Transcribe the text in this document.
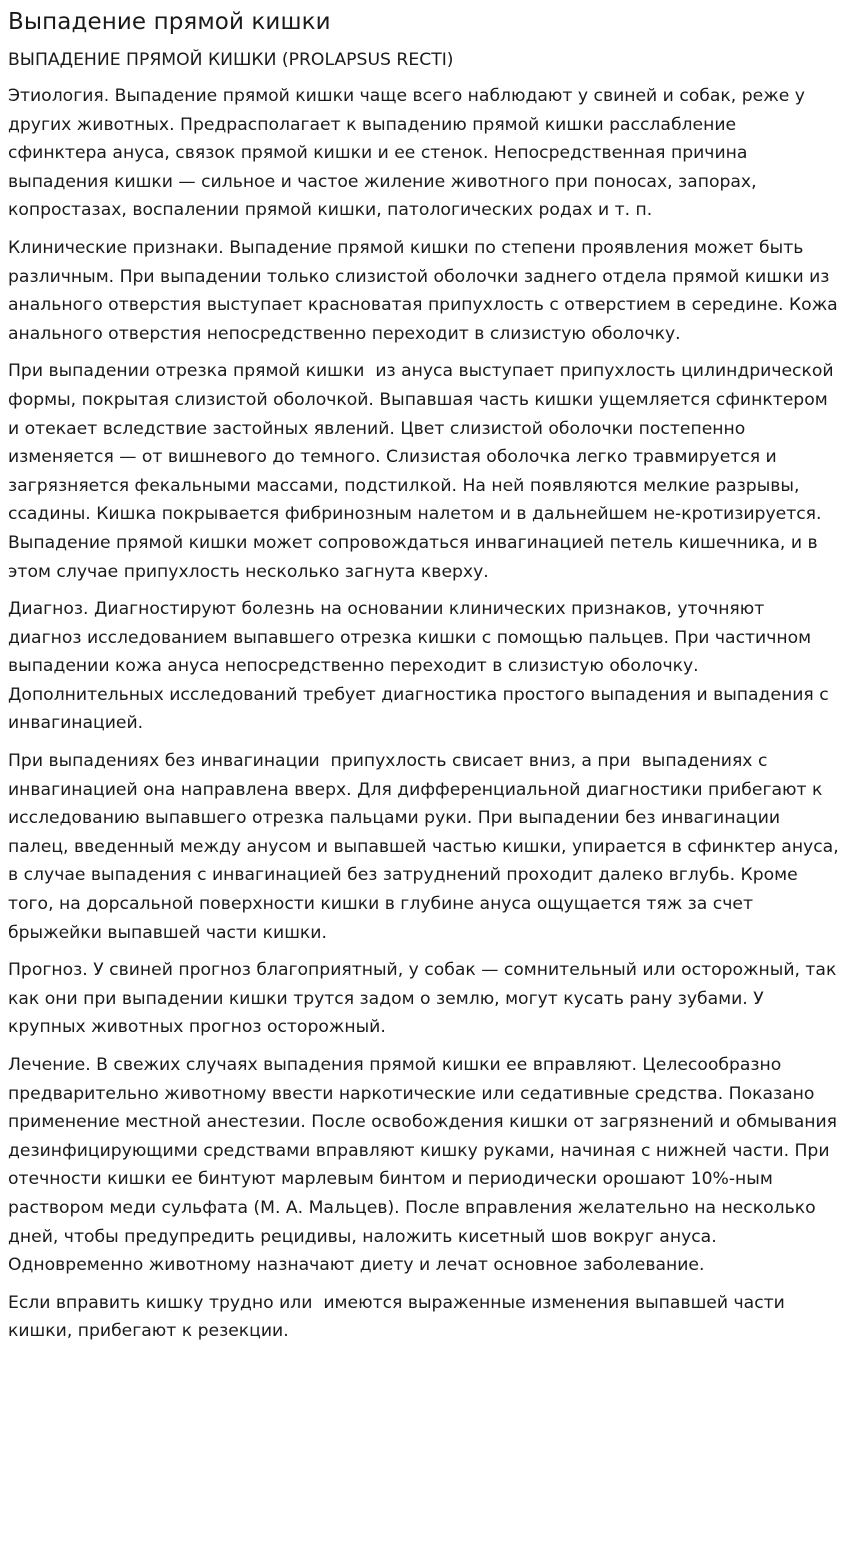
Выпадение прямой кишки
ВЫПАДЕНИЕ ПРЯМОЙ КИШКИ (PROLAPSUS RECTI)

Этиология. Выпадение прямой кишки чаще всего наблюдают у свиней и собак, реже у других животных. Предрасполагает к выпадению прямой кишки расслабление сфинктера ануса, связок прямой кишки и ее стенок. Непосредственная причина выпадения кишки — сильное и частое жиление животного при поносах, запорах, копростазах, воспалении прямой кишки, патологических родах и т. п.

Клинические признаки. Выпадение прямой кишки по степени проявления может быть различным. При выпадении только слизистой оболочки заднего отдела прямой кишки из анального отверстия выступает красноватая припухлость с отверстием в середине. Кожа анального отверстия непосредственно переходит в слизистую оболочку.

При выпадении отрезка прямой кишки  из ануса выступает припухлость цилиндрической формы, покрытая слизистой оболочкой. Выпавшая часть кишки ущемляется сфинктером и отекает вследствие застойных явлений. Цвет слизистой оболочки постепенно изменяется — от вишневого до темного. Слизистая оболочка легко травмируется и загрязняется фекальными массами, подстилкой. На ней появляются мелкие разрывы, ссадины. Кишка покрывается фибринозным налетом и в дальнейшем не-кротизируется. Выпадение прямой кишки может сопровождаться инвагинацией петель кишечника, и в этом случае припухлость несколько загнута кверху.

Диагноз. Диагностируют болезнь на основании клинических признаков, уточняют диагноз исследованием выпавшего отрезка кишки с помощью пальцев. При частичном выпадении кожа ануса непосредственно переходит в слизистую оболочку. Дополнительных исследований требует диагностика простого выпадения и выпадения с инвагинацией.

При выпадениях без инвагинации  припухлость свисает вниз, а при  выпадениях с инвагинацией она направлена вверх. Для дифференциальной диагностики прибегают к исследованию выпавшего отрезка пальцами руки. При выпадении без инвагинации палец, введенный между анусом и выпавшей частью кишки, упирается в сфинктер ануса, в случае выпадения с инвагинацией без затруднений проходит далеко вглубь. Кроме того, на дорсальной поверхности кишки в глубине ануса ощущается тяж за счет брыжейки выпавшей части кишки.

Прогноз. У свиней прогноз благоприятный, у собак — сомнительный или осторожный, так как они при выпадении кишки трутся задом о землю, могут кусать рану зубами. У крупных животных прогноз осторожный.

Лечение. В свежих случаях выпадения прямой кишки ее вправляют. Целесообразно предварительно животному ввести наркотические или седативные средства. Показано применение местной анестезии. После освобождения кишки от загрязнений и обмывания дезинфицирующими средствами вправляют кишку руками, начиная с нижней части. При отечности кишки ее бинтуют марлевым бинтом и периодически орошают 10%-ным раствором меди сульфата (М. А. Мальцев). После вправления желательно на несколько дней, чтобы предупредить рецидивы, наложить кисетный шов вокруг ануса. Одновременно животному назначают диету и лечат основное заболевание.

Если вправить кишку трудно или  имеются выраженные изменения выпавшей части кишки, прибегают к резекции.
